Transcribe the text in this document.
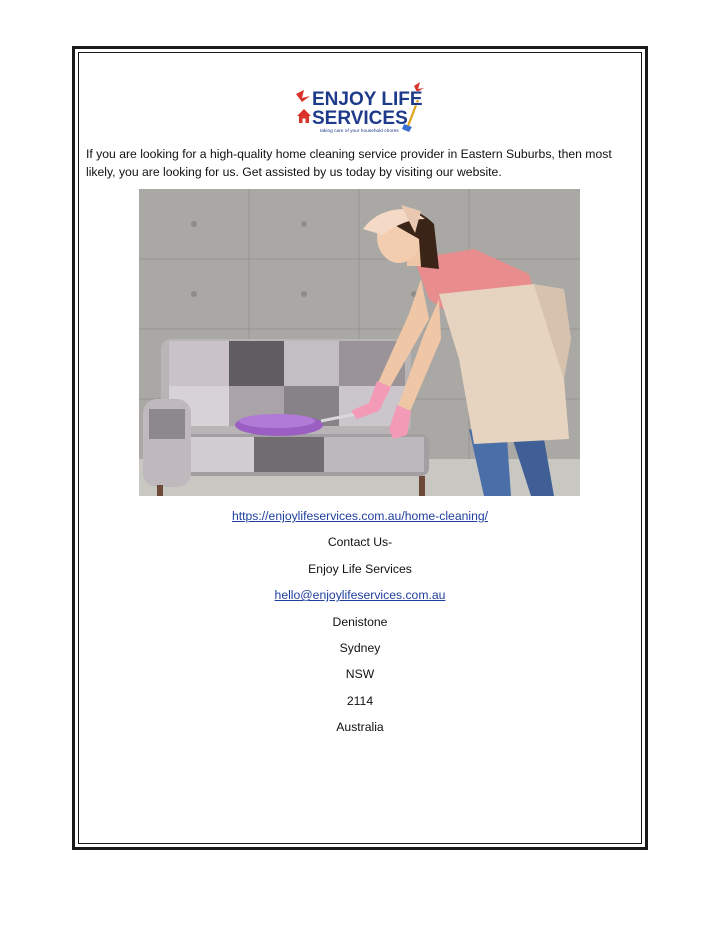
ENJOY LIFE
SERVICES
taking care of your household chores

If you are looking for a high-quality home cleaning service provider in Eastern Suburbs, then most likely, you are looking for us. Get assisted by us today by visiting our website.

https://enjoylifeservices.com.au/home-cleaning/
Contact Us-
Enjoy Life Services
hello@enjoylifeservices.com.au
Denistone
Sydney
NSW
2114
Australia
